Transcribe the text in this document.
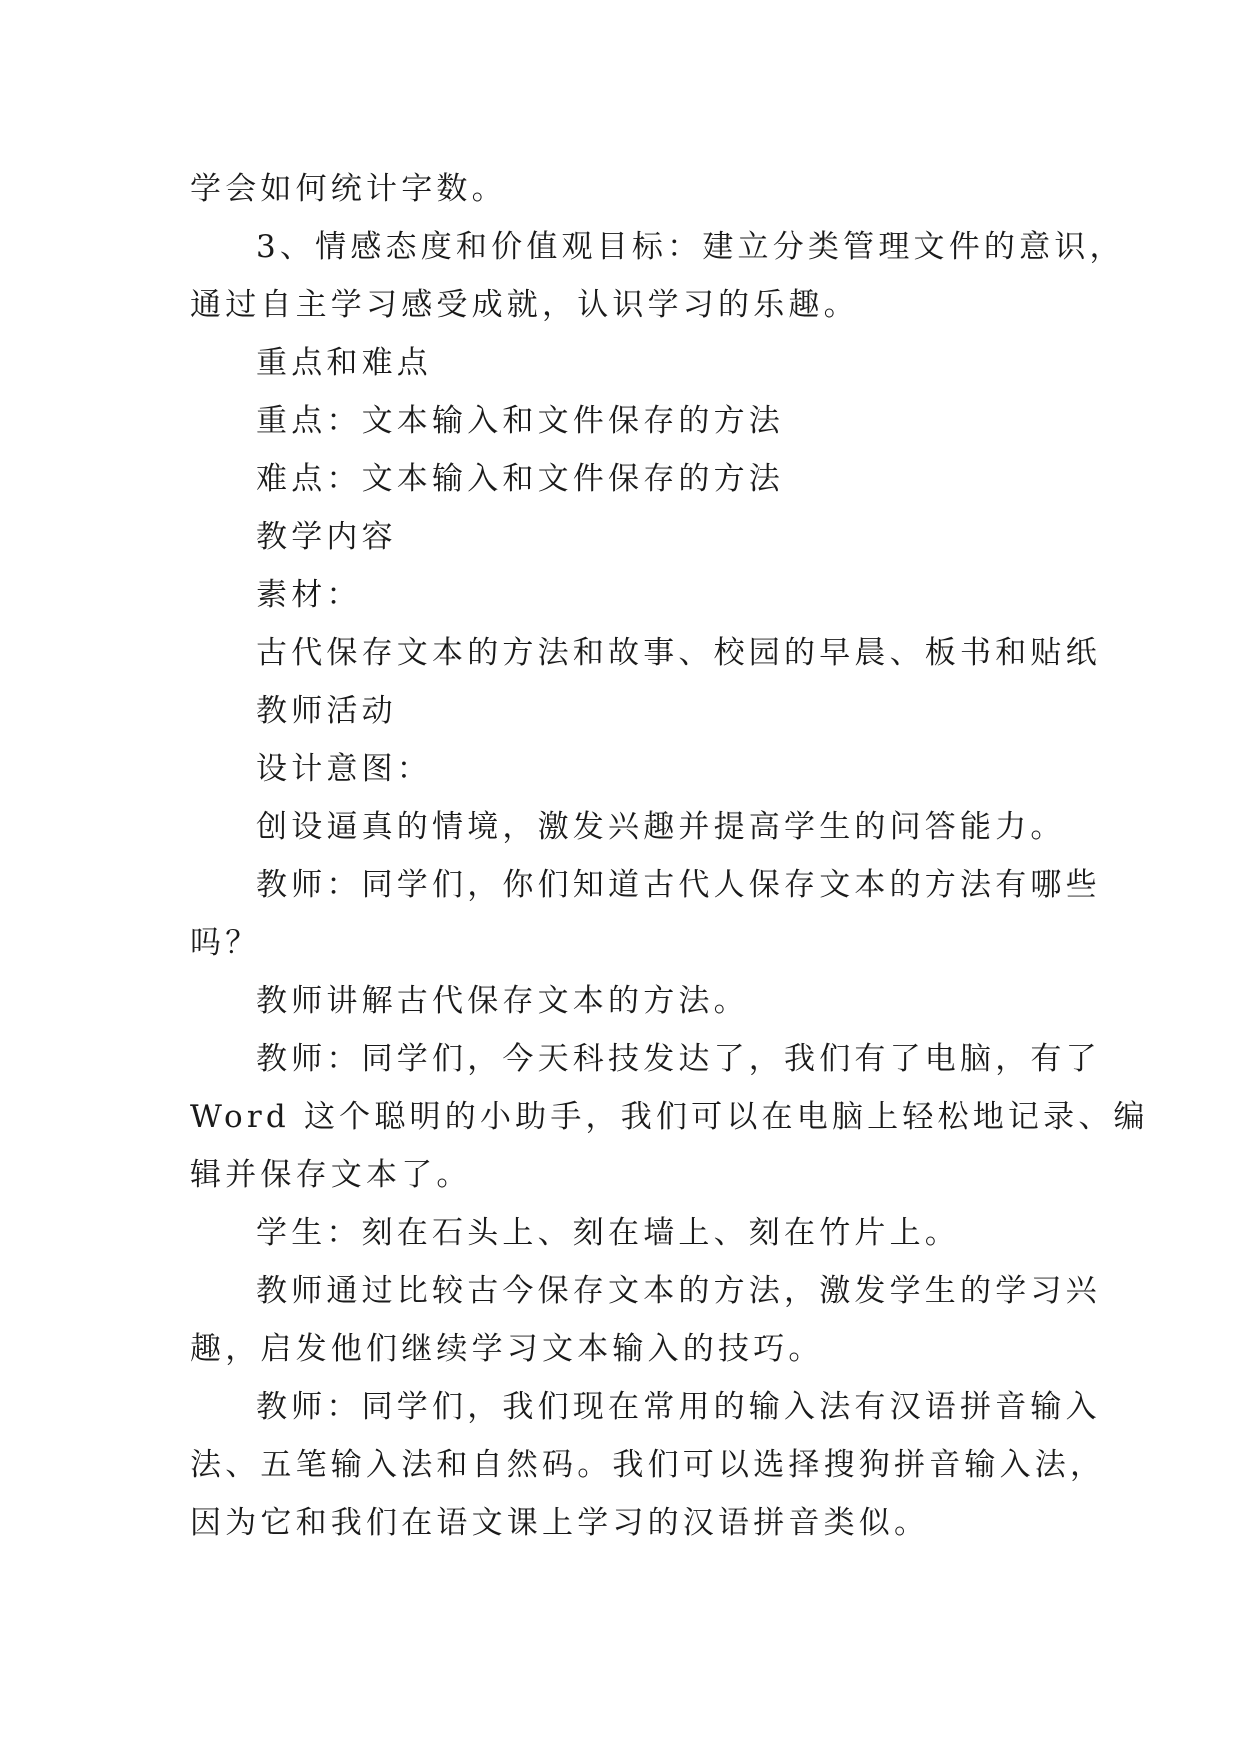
学会如何统计字数。

3、情感态度和价值观目标：建立分类管理文件的意识，

通过自主学习感受成就，认识学习的乐趣。

重点和难点

重点：文本输入和文件保存的方法

难点：文本输入和文件保存的方法

教学内容

素材：

古代保存文本的方法和故事、校园的早晨、板书和贴纸

教师活动

设计意图：

创设逼真的情境，激发兴趣并提高学生的问答能力。

教师：同学们，你们知道古代人保存文本的方法有哪些

吗？

教师讲解古代保存文本的方法。

教师：同学们，今天科技发达了，我们有了电脑，有了

Word 这个聪明的小助手，我们可以在电脑上轻松地记录、编

辑并保存文本了。

学生：刻在石头上、刻在墙上、刻在竹片上。

教师通过比较古今保存文本的方法，激发学生的学习兴

趣，启发他们继续学习文本输入的技巧。

教师：同学们，我们现在常用的输入法有汉语拼音输入

法、五笔输入法和自然码。我们可以选择搜狗拼音输入法，

因为它和我们在语文课上学习的汉语拼音类似。
